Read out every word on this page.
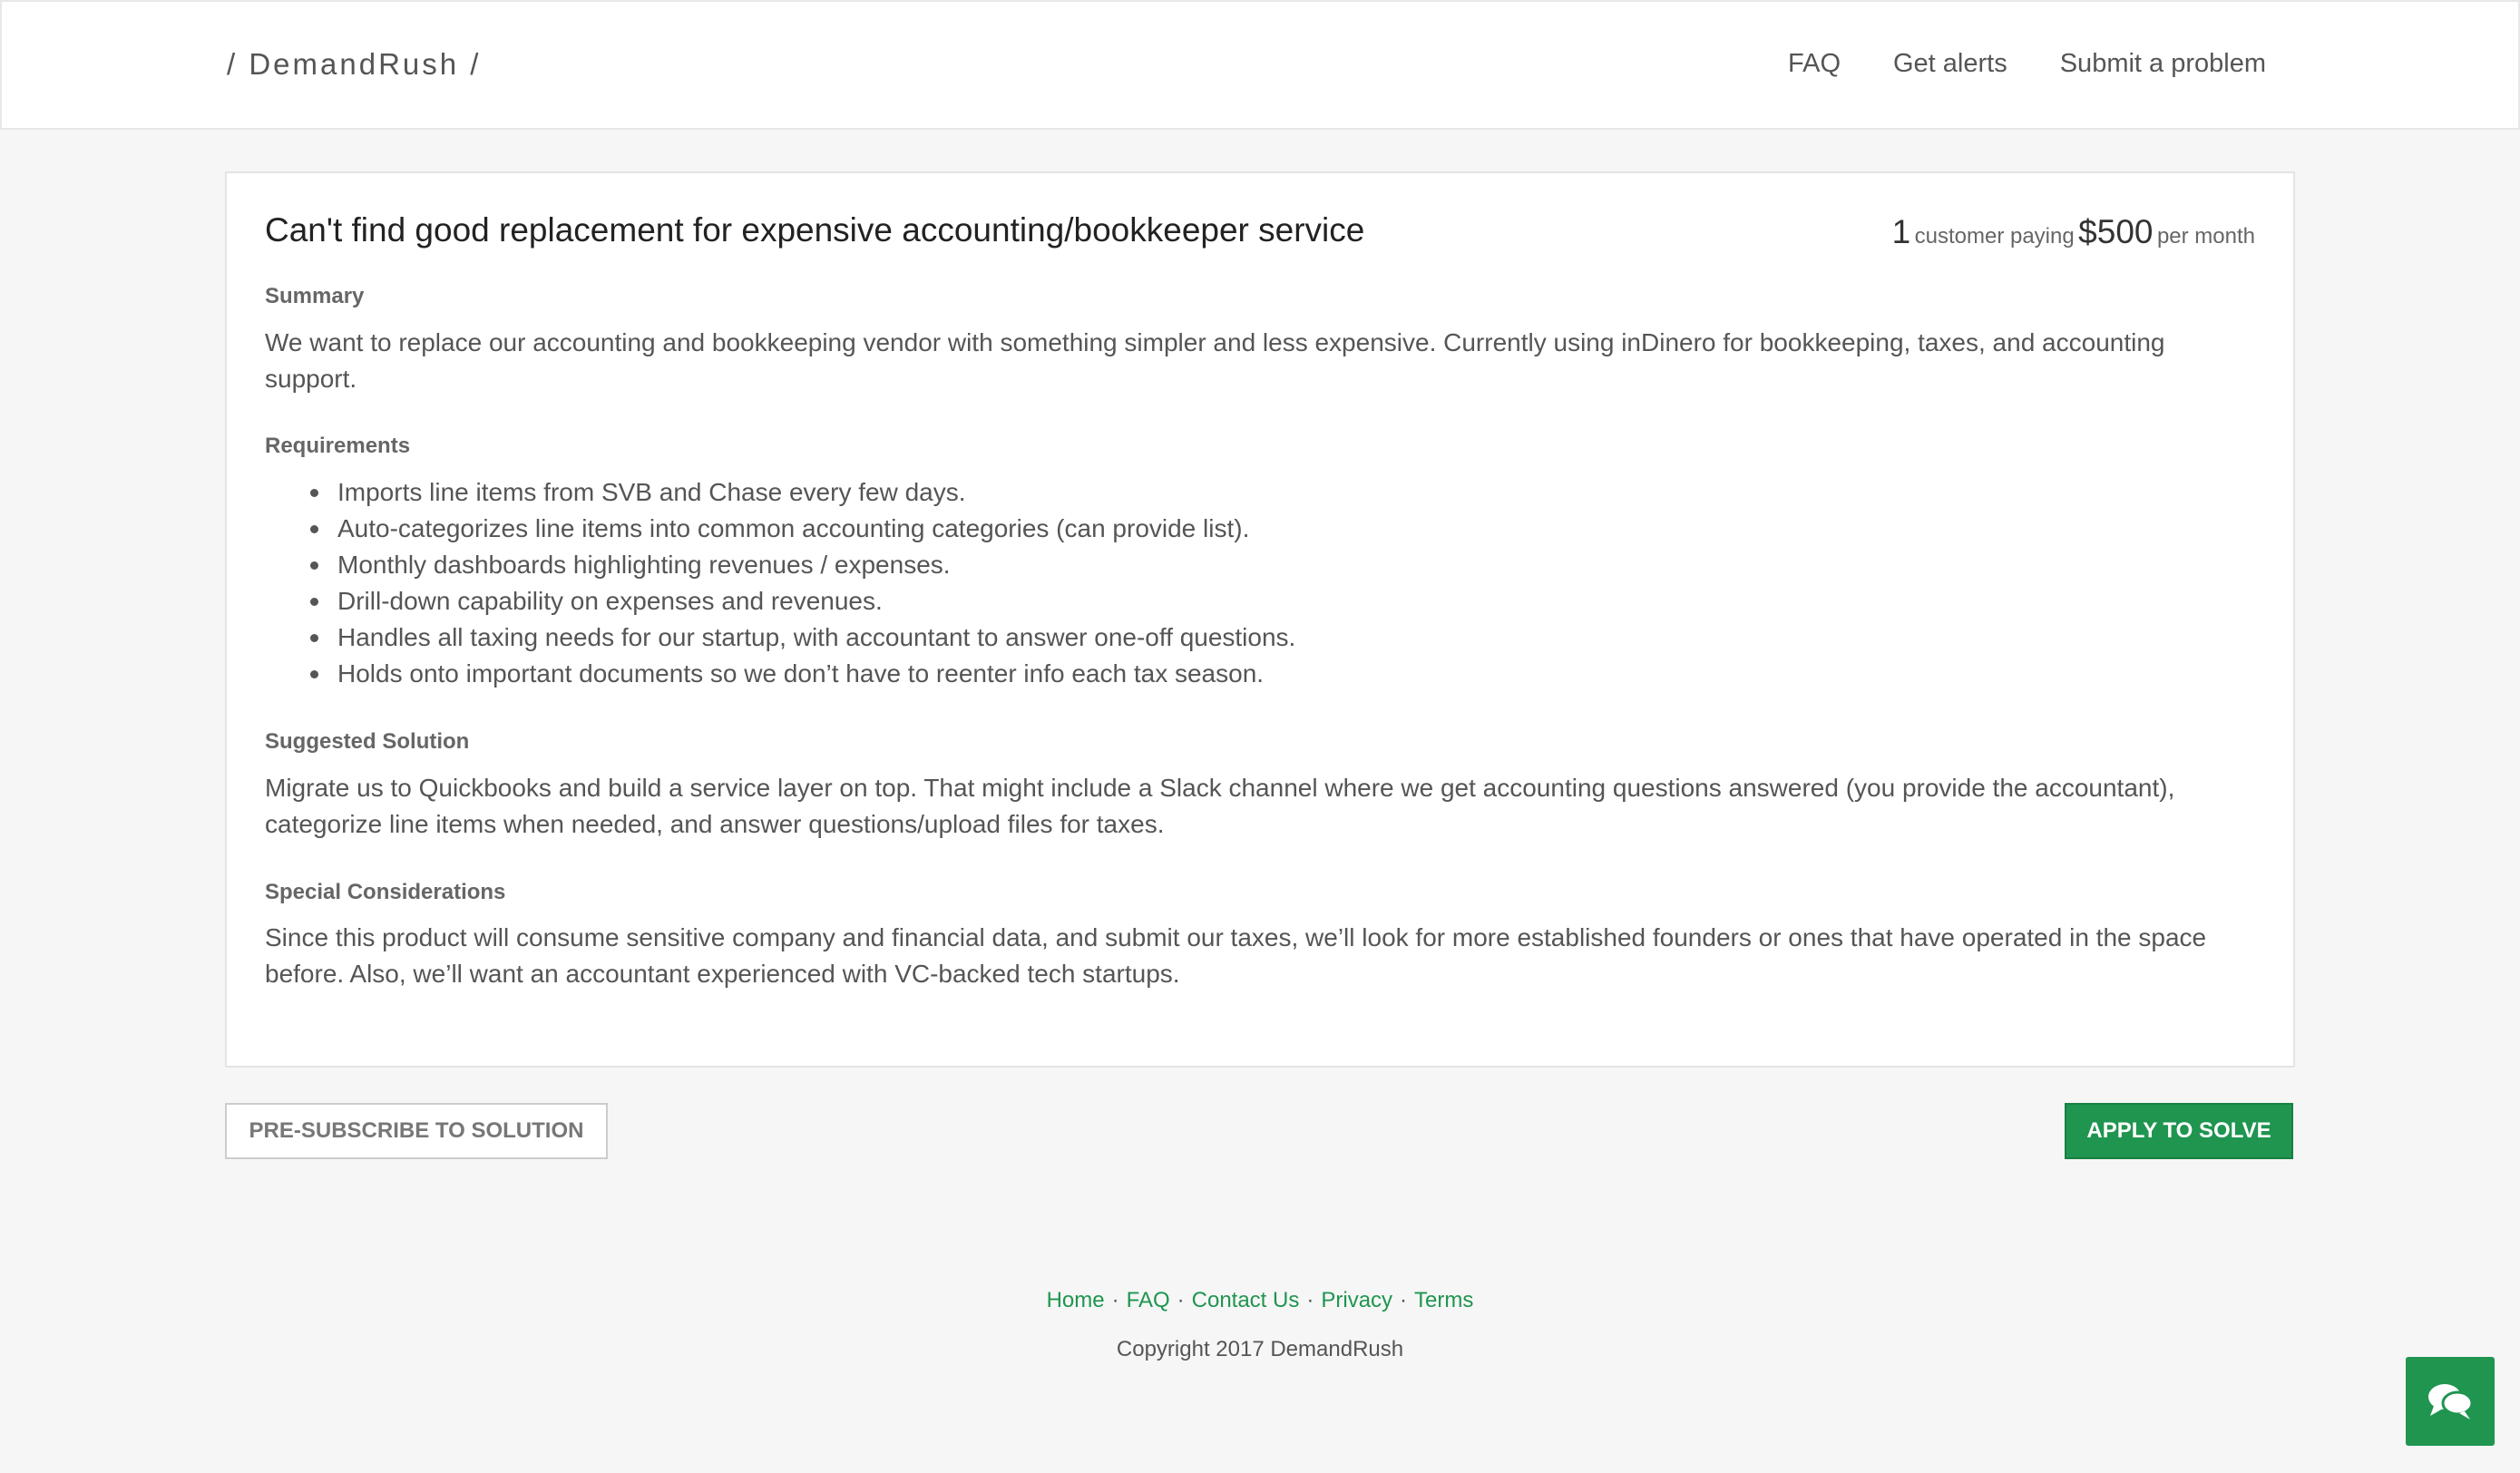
/ DemandRush /	FAQ Get alerts Submit a problem
Can't find good replacement for expensive accounting/bookkeeper service	1 customer paying $500 per month
Summary

We want to replace our accounting and bookkeeping vendor with something simpler and less expensive. Currently using inDinero for bookkeeping, taxes, and accounting support.

Requirements
Imports line items from SVB and Chase every few days.
Auto-categorizes line items into common accounting categories (can provide list).
Monthly dashboards highlighting revenues / expenses.
Drill-down capability on expenses and revenues.
Handles all taxing needs for our startup, with accountant to answer one-off questions.
Holds onto important documents so we don’t have to reenter info each tax season.
Suggested Solution

Migrate us to Quickbooks and build a service layer on top. That might include a Slack channel where we get accounting questions answered (you provide the accountant), categorize line items when needed, and answer questions/upload files for taxes.

Special Considerations

Since this product will consume sensitive company and financial data, and submit our taxes, we’ll look for more established founders or ones that have operated in the space before. Also, we’ll want an accountant experienced with VC-backed tech startups.

PRE-SUBSCRIBE TO SOLUTION	APPLY TO SOLVE
Home · FAQ · Contact Us · Privacy · Terms
Copyright 2017 DemandRush
